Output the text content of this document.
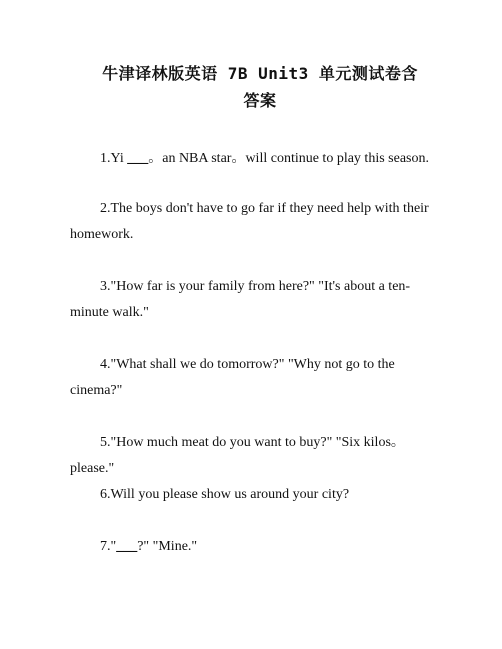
牛津译林版英语 7B Unit3 单元测试卷含
答案
1.Yi ___。an NBA star。will continue to play this season.
2.The boys don't have to go far if they need help with their homework.
3."How far is your family from here?" "It's about a ten-minute walk."
4."What shall we do tomorrow?" "Why not go to the cinema?"
5."How much meat do you want to buy?" "Six kilos。please."
6.Will you please show us around your city?
7."___?" "Mine."
